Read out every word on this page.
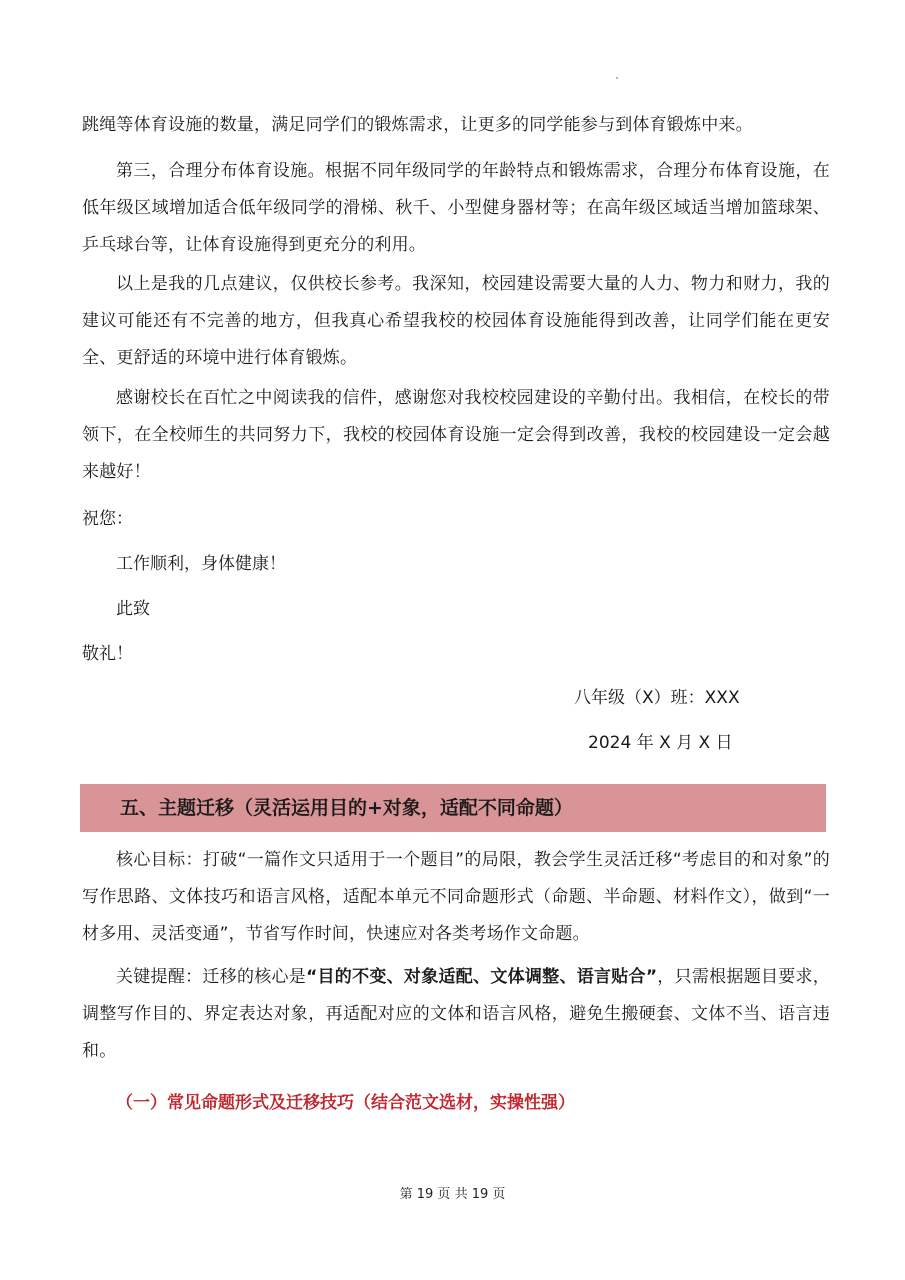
跳绳等体育设施的数量，满足同学们的锻炼需求，让更多的同学能参与到体育锻炼中来。

第三，合理分布体育设施。根据不同年级同学的年龄特点和锻炼需求，合理分布体育设施，在低年级区域增加适合低年级同学的滑梯、秋千、小型健身器材等；在高年级区域适当增加篮球架、乒乓球台等，让体育设施得到更充分的利用。

以上是我的几点建议，仅供校长参考。我深知，校园建设需要大量的人力、物力和财力，我的建议可能还有不完善的地方，但我真心希望我校的校园体育设施能得到改善，让同学们能在更安全、更舒适的环境中进行体育锻炼。

感谢校长在百忙之中阅读我的信件，感谢您对我校校园建设的辛勤付出。我相信，在校长的带领下，在全校师生的共同努力下，我校的校园体育设施一定会得到改善，我校的校园建设一定会越来越好！

祝您：

工作顺利，身体健康！

此致

敬礼！

八年级（X）班：XXX

2024 年 X 月 X 日

五、主题迁移（灵活运用目的+对象，适配不同命题）

核心目标：打破“一篇作文只适用于一个题目”的局限，教会学生灵活迁移“考虑目的和对象”的写作思路、文体技巧和语言风格，适配本单元不同命题形式（命题、半命题、材料作文），做到“一材多用、灵活变通”，节省写作时间，快速应对各类考场作文命题。

关键提醒：迁移的核心是“目的不变、对象适配、文体调整、语言贴合”，只需根据题目要求，调整写作目的、界定表达对象，再适配对应的文体和语言风格，避免生搬硬套、文体不当、语言违和。

（一）常见命题形式及迁移技巧（结合范文选材，实操性强）
第 19 页 共 19 页
